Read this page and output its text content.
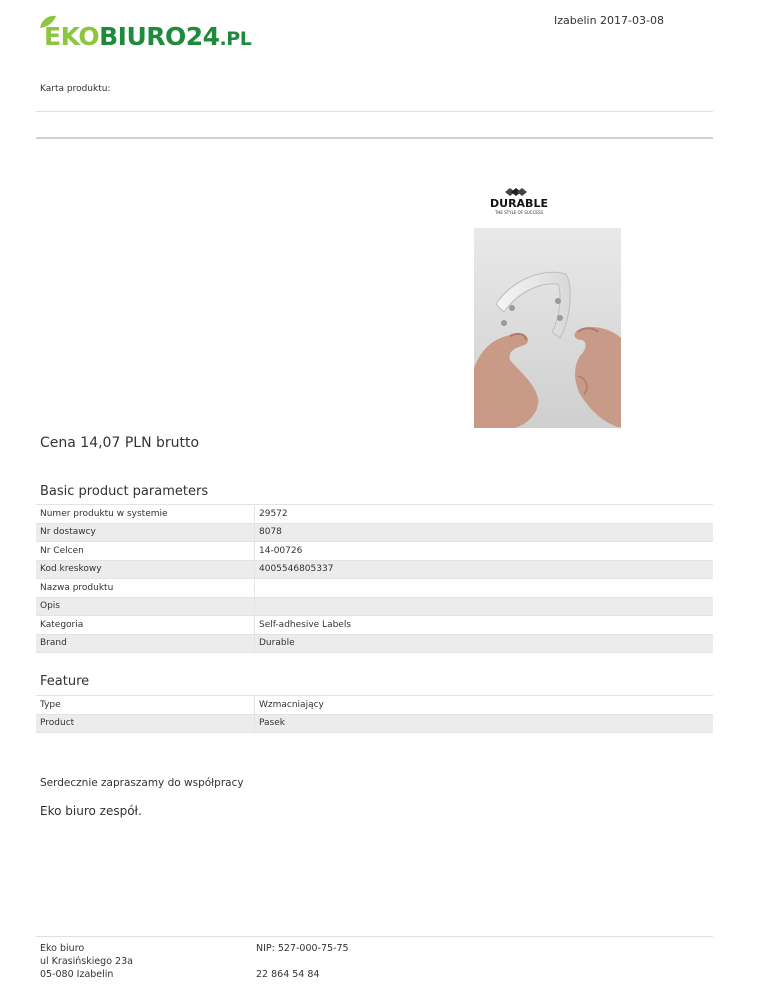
EKOBIURO24.PL
Izabelin 2017-03-08
Karta produktu:
DURABLE
THE STYLE OF SUCCESS
Cena 14,07 PLN brutto
Basic product parameters
Numer produktu w systemie	29572
Nr dostawcy	8078
Nr Celcen	14-00726
Kod kreskowy	4005546805337
Nazwa produktu	
Opis	
Kategoria	Self-adhesive Labels
Brand	Durable
Feature
Type	Wzmacniający
Product	Pasek
Serdecznie zapraszamy do współpracy
Eko biuro zespół.
Eko biuro
ul Krasińskiego 23a
05-080 Izabelin
NIP: 527-000-75-75
22 864 54 84
